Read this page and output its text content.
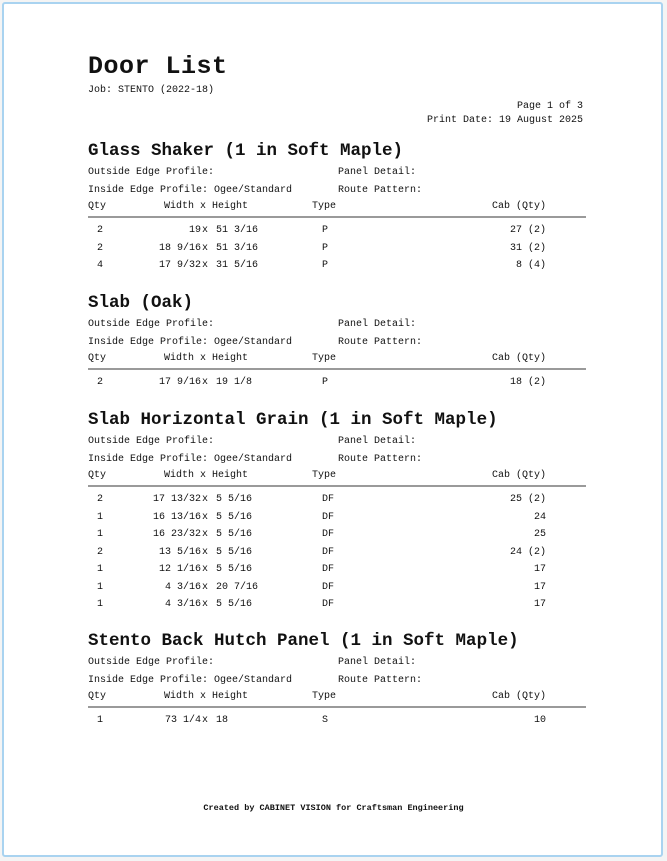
Door List
Job: STENTO (2022-18)
Page 1 of 3
Print Date: 19 August 2025
Glass Shaker (1 in Soft Maple)
Outside Edge Profile:	Panel Detail:
Inside Edge Profile: Ogee/Standard	Route Pattern:
Qty	Width x Height	Type	Cab (Qty)
2	19 x 51 3/16	P	27 (2)
2	18 9/16 x 51 3/16	P	31 (2)
4	17 9/32 x 31 5/16	P	8 (4)
Slab (Oak)
Outside Edge Profile:	Panel Detail:
Inside Edge Profile: Ogee/Standard	Route Pattern:
Qty	Width x Height	Type	Cab (Qty)
2	17 9/16 x 19 1/8	P	18 (2)
Slab Horizontal Grain (1 in Soft Maple)
Outside Edge Profile:	Panel Detail:
Inside Edge Profile: Ogee/Standard	Route Pattern:
Qty	Width x Height	Type	Cab (Qty)
2	17 13/32 x 5 5/16	DF	25 (2)
1	16 13/16 x 5 5/16	DF	24
1	16 23/32 x 5 5/16	DF	25
2	13 5/16 x 5 5/16	DF	24 (2)
1	12 1/16 x 5 5/16	DF	17
1	4 3/16 x 20 7/16	DF	17
1	4 3/16 x 5 5/16	DF	17
Stento Back Hutch Panel (1 in Soft Maple)
Outside Edge Profile:	Panel Detail:
Inside Edge Profile: Ogee/Standard	Route Pattern:
Qty	Width x Height	Type	Cab (Qty)
1	73 1/4 x 18	S	10
Created by CABINET VISION for Craftsman Engineering
